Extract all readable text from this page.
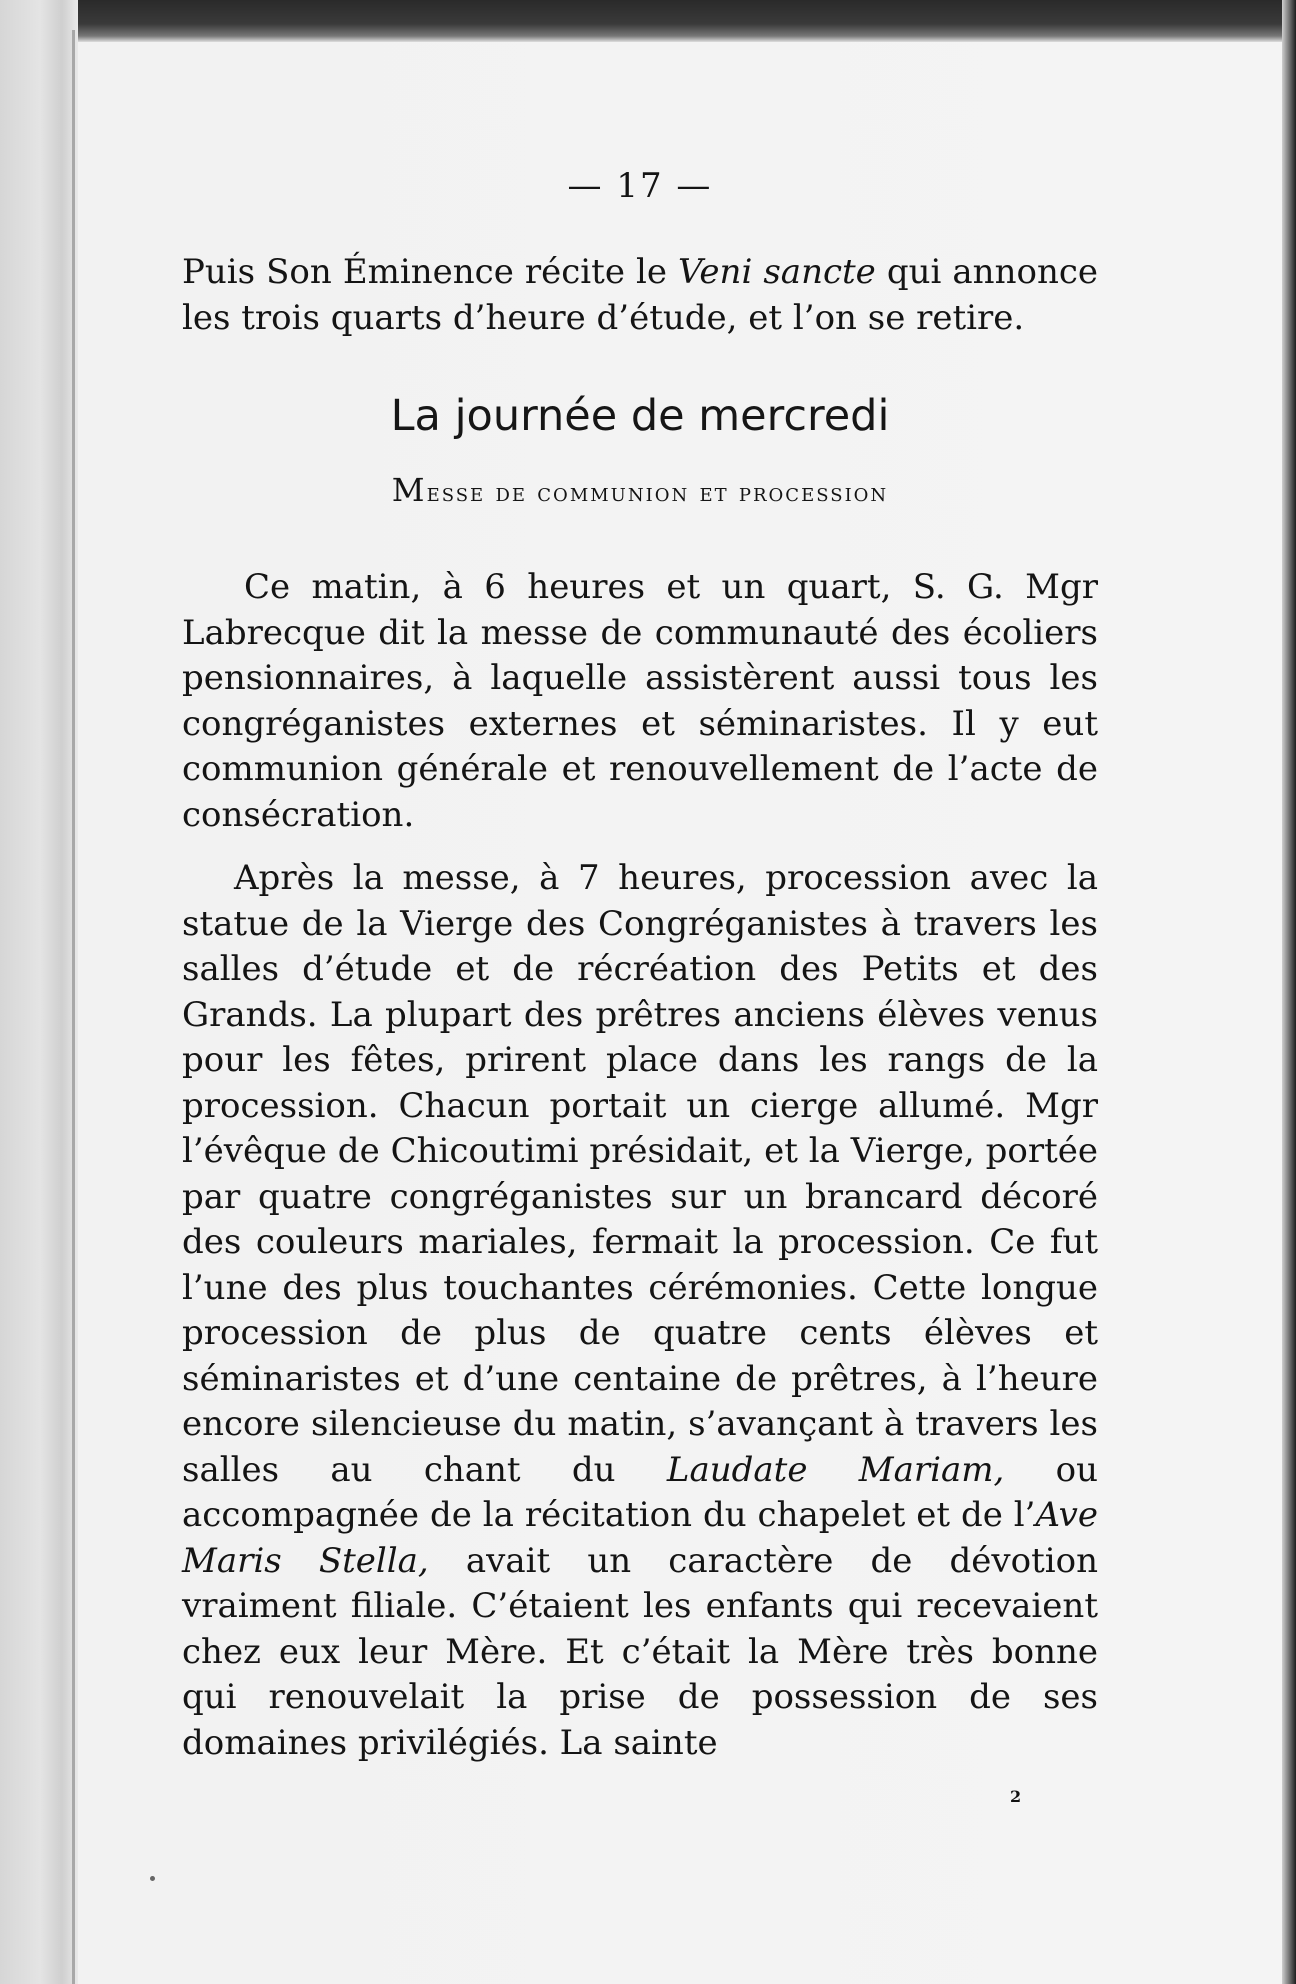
— 17 —

Puis Son Éminence récite le Veni sancte qui annonce les trois quarts d’heure d’étude, et l’on se retire.

La journée de mercredi
Messe de communion et procession

Ce matin, à 6 heures et un quart, S. G. Mgr Labrecque dit la messe de communauté des écoliers pensionnaires, à laquelle assistèrent aussi tous les congréganistes externes et séminaristes. Il y eut communion générale et renouvellement de l’acte de consécration.

Après la messe, à 7 heures, procession avec la statue de la Vierge des Congréganistes à travers les salles d’étude et de récréation des Petits et des Grands. La plupart des prêtres anciens élèves venus pour les fêtes, prirent place dans les rangs de la procession. Chacun portait un cierge allumé. Mgr l’évêque de Chicoutimi présidait, et la Vierge, portée par quatre congréganistes sur un brancard décoré des couleurs mariales, fermait la procession. Ce fut l’une des plus touchantes cérémonies. Cette longue procession de plus de quatre cents élèves et séminaristes et d’une centaine de prêtres, à l’heure encore silencieuse du matin, s’avançant à travers les salles au chant du Laudate Mariam, ou accompagnée de la récitation du chapelet et de l’Ave Maris Stella, avait un caractère de dévotion vraiment filiale. C’étaient les enfants qui recevaient chez eux leur Mère. Et c’était la Mère très bonne qui renouvelait la prise de possession de ses domaines privilégiés. La sainte

2
